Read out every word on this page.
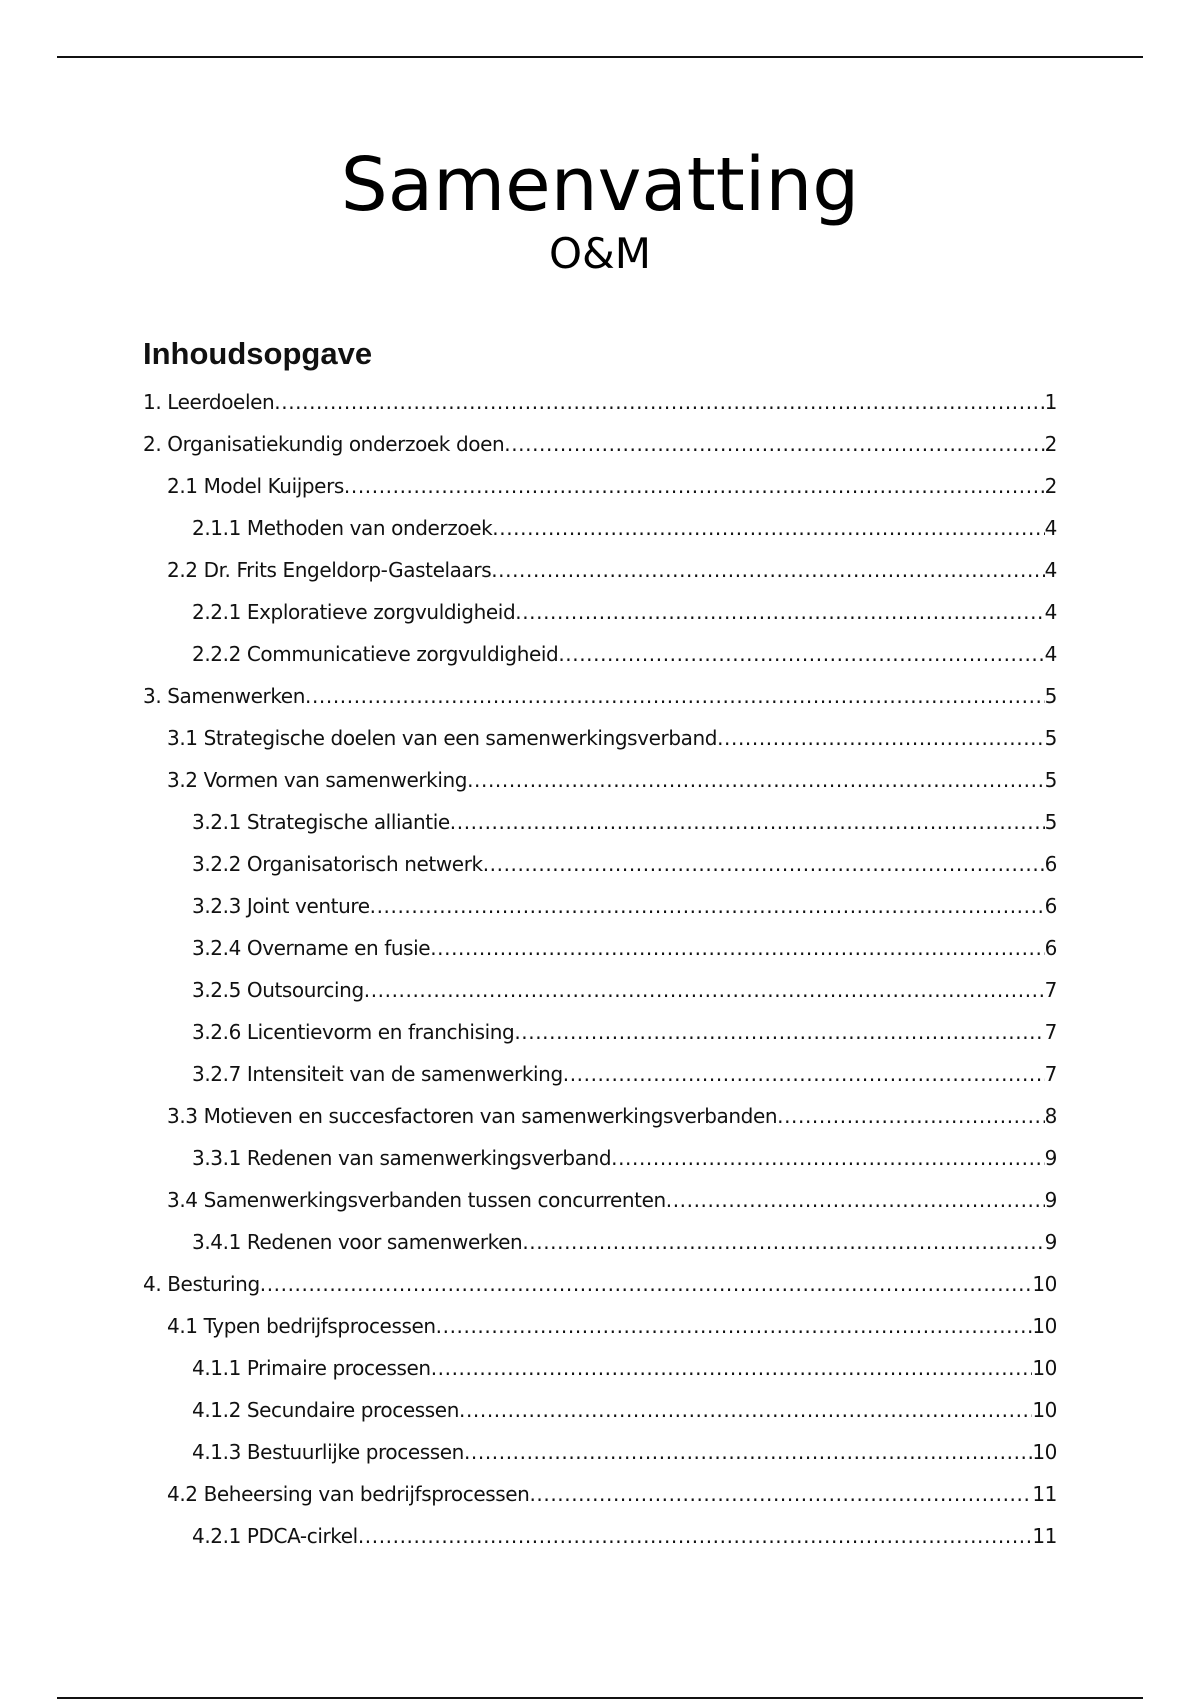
Samenvatting
O&M
Inhoudsopgave
1. Leerdoelen .....	1
2. Organisatiekundig onderzoek doen .....	2
2.1 Model Kuijpers .....	2
2.1.1 Methoden van onderzoek .....	4
2.2 Dr. Frits Engeldorp-Gastelaars .....	4
2.2.1 Exploratieve zorgvuldigheid .....	4
2.2.2 Communicatieve zorgvuldigheid .....	4
3. Samenwerken .....	5
3.1 Strategische doelen van een samenwerkingsverband .....	5
3.2 Vormen van samenwerking .....	5
3.2.1 Strategische alliantie .....	5
3.2.2 Organisatorisch netwerk .....	6
3.2.3 Joint venture .....	6
3.2.4 Overname en fusie .....	6
3.2.5 Outsourcing .....	7
3.2.6 Licentievorm en franchising .....	7
3.2.7 Intensiteit van de samenwerking .....	7
3.3 Motieven en succesfactoren van samenwerkingsverbanden .....	8
3.3.1 Redenen van samenwerkingsverband .....	9
3.4 Samenwerkingsverbanden tussen concurrenten .....	9
3.4.1 Redenen voor samenwerken .....	9
4. Besturing .....	10
4.1 Typen bedrijfsprocessen .....	10
4.1.1 Primaire processen .....	10
4.1.2 Secundaire processen .....	10
4.1.3 Bestuurlijke processen .....	10
4.2 Beheersing van bedrijfsprocessen .....	11
4.2.1 PDCA-cirkel .....	11
